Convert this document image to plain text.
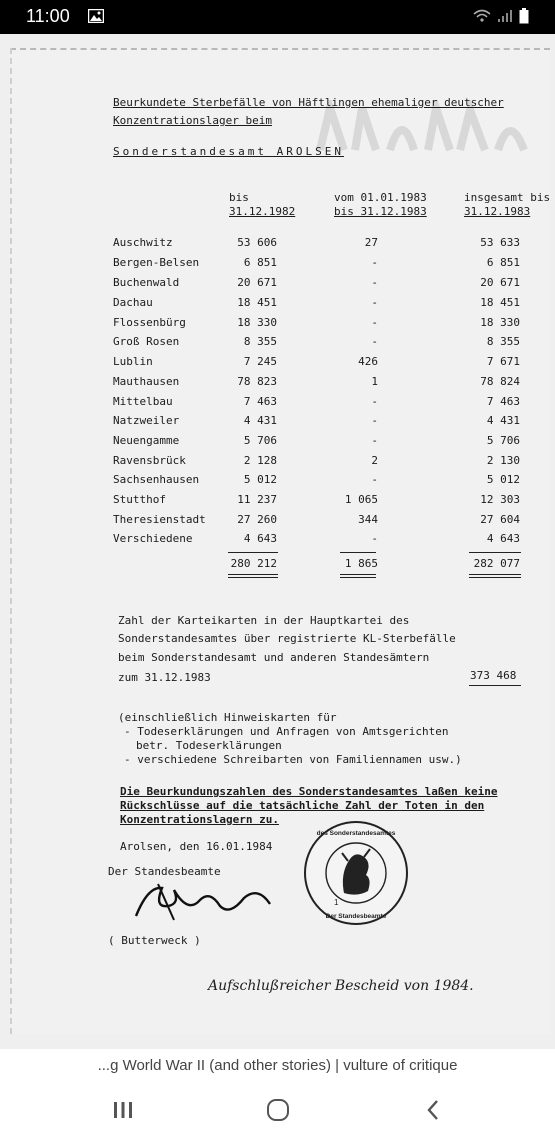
11:00
Beurkundete Sterbefälle von Häftlingen ehemaliger deutscher
Konzentrationslager beim
Sonderstandesamt AROLSEN
bis
31.12.1982
vom 01.01.1983
bis 31.12.1983
insgesamt bis
31.12.1983
Auschwitz	53 606	27	53 633
Bergen-Belsen	6 851	-	6 851
Buchenwald	20 671	-	20 671
Dachau	18 451	-	18 451
Flossenbürg	18 330	-	18 330
Groß Rosen	8 355	-	8 355
Lublin	7 245	426	7 671
Mauthausen	78 823	1	78 824
Mittelbau	7 463	-	7 463
Natzweiler	4 431	-	4 431
Neuengamme	5 706	-	5 706
Ravensbrück	2 128	2	2 130
Sachsenhausen	5 012	-	5 012
Stutthof	11 237	1 065	12 303
Theresienstadt	27 260	344	27 604
Verschiedene	4 643	-	4 643
280 212	1 865	282 077
Zahl der Karteikarten in der Hauptkartei des
Sonderstandesamtes über registrierte KL-Sterbefälle
beim Sonderstandesamt und anderen Standesämtern
zum 31.12.1983	373 468
(einschließlich Hinweiskarten für
- Todeserklärungen und Anfragen von Amtsgerichten
betr. Todeserklärungen
- verschiedene Schreibarten von Familiennamen usw.)
Die Beurkundungszahlen des Sonderstandesamtes laßen keine
Rückschlüsse auf die tatsächliche Zahl der Toten in den
Konzentrationslagern zu.
Arolsen, den 16.01.1984
Der Standesbeamte
( Butterweck )
des Sonderstandesamtes
Der Standesbeamte
1
Aufschlußreicher Bescheid von 1984.
...g World War II (and other stories) | vulture of critique
